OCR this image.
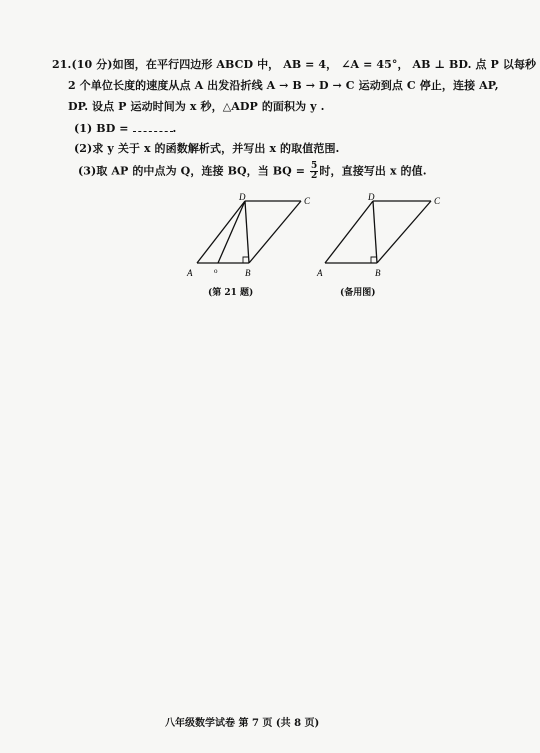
21.(10 分)如图，在平行四边形 ABCD 中， AB = 4， ∠A = 45°， AB ⊥ BD. 点 P 以每秒
2 个单位长度的速度从点 A 出发沿折线 A → B → D → C 运动到点 C 停止，连接 AP,
DP. 设点 P 运动时间为 x 秒，△ADP 的面积为 y .
(1) BD =	.
(2)求 y 关于 x 的函数解析式，并写出 x 的取值范围.
(3)取 AP 的中点为 Q，连接 BQ，当 BQ = $\frac{5}{2}$ 时，直接写出 x 的值.
A	B
D	C
o
(第 21 题)
A	B
D	C
(备用图)
八年级数学试卷 第 7 页 (共 8 页)
